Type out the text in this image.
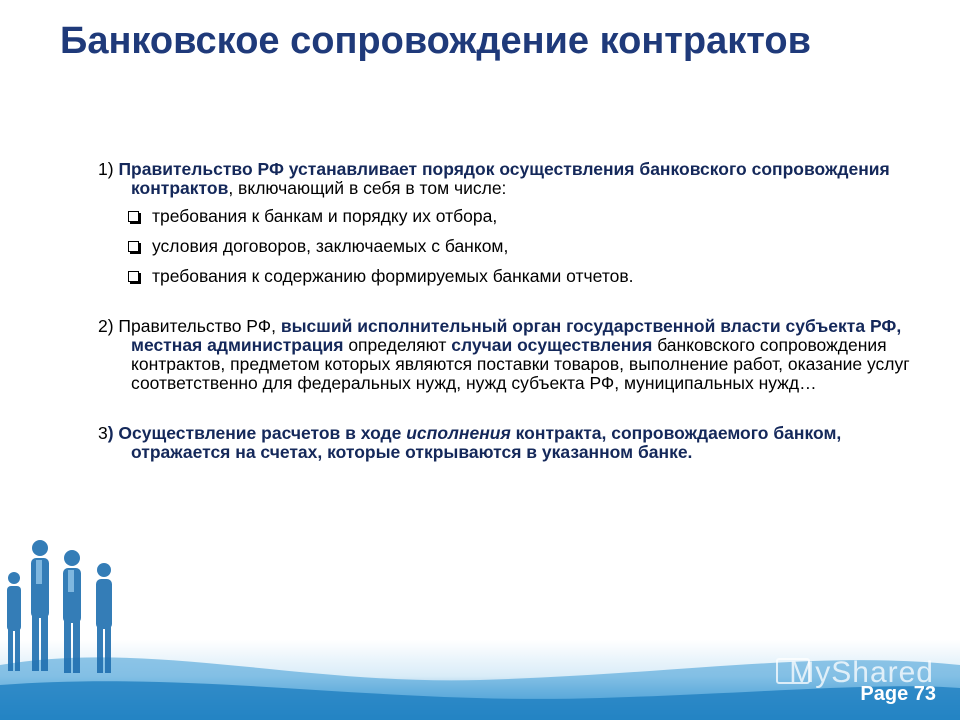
Банковское сопровождение контрактов

1) Правительство РФ устанавливает порядок осуществления банковского сопровождения контрактов, включающий в себя в том числе:

требования к банкам и порядку их отбора,
условия договоров, заключаемых с банком,
требования к содержанию формируемых банками отчетов.

2) Правительство РФ, высший исполнительный орган государственной власти субъекта РФ, местная администрация определяют случаи осуществления банковского сопровождения контрактов, предметом которых являются поставки товаров, выполнение работ, оказание услуг соответственно для федеральных нужд, нужд субъекта РФ, муниципальных нужд…

3) Осуществление расчетов в ходе исполнения контракта, сопровождаемого банком, отражается на счетах, которые открываются в указанном банке.

MyShared
Page 73
